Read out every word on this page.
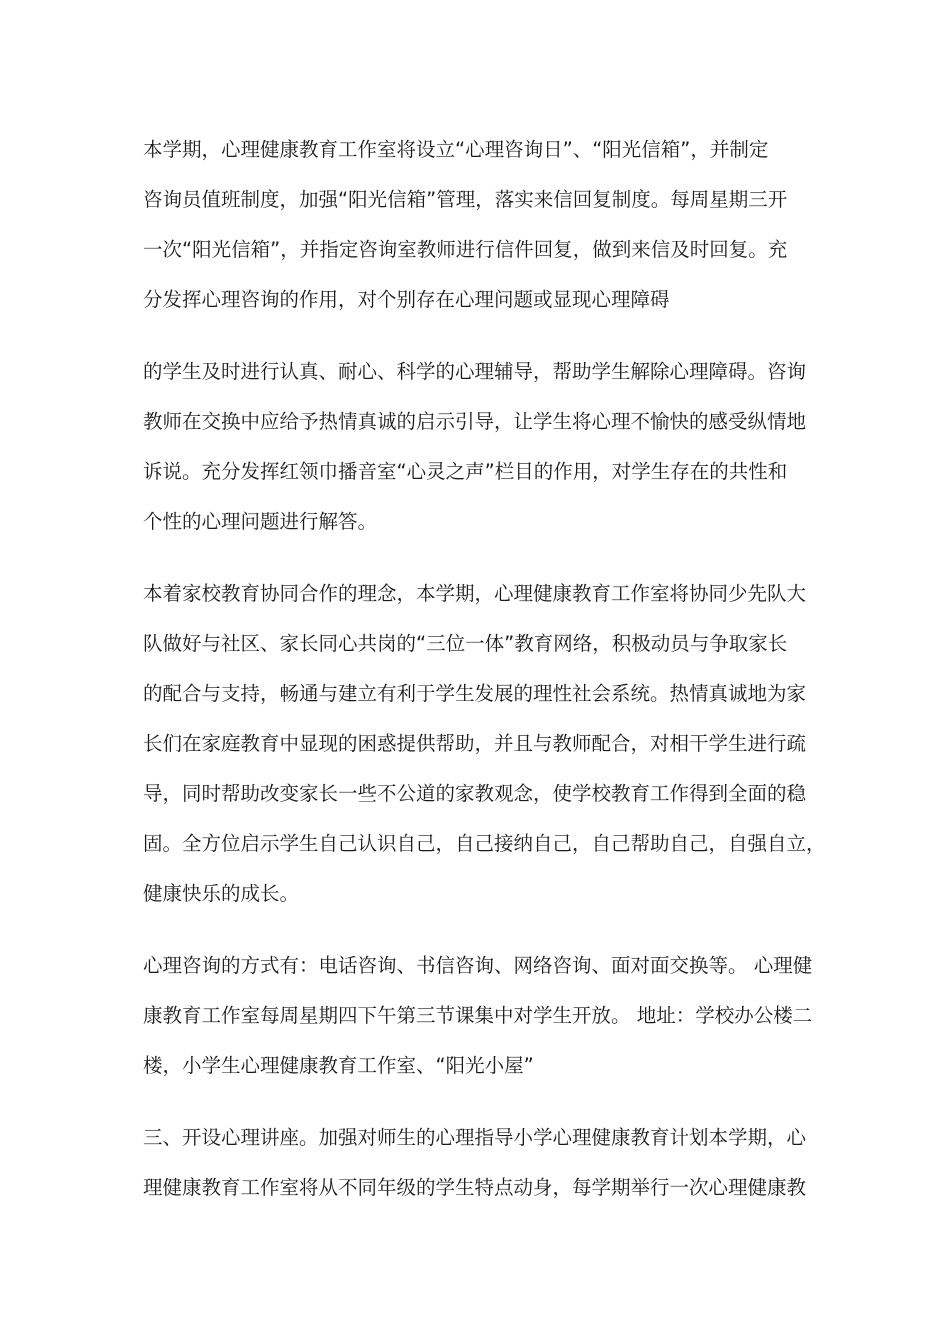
本学期，心理健康教育工作室将设立“心理咨询日”、“阳光信箱”，并制定
咨询员值班制度，加强“阳光信箱”管理，落实来信回复制度。每周星期三开
一次“阳光信箱”，并指定咨询室教师进行信件回复，做到来信及时回复。充
分发挥心理咨询的作用，对个别存在心理问题或显现心理障碍
的学生及时进行认真、耐心、科学的心理辅导，帮助学生解除心理障碍。咨询
教师在交换中应给予热情真诚的启示引导，让学生将心理不愉快的感受纵情地
诉说。充分发挥红领巾播音室“心灵之声”栏目的作用，对学生存在的共性和
个性的心理问题进行解答。
本着家校教育协同合作的理念，本学期，心理健康教育工作室将协同少先队大
队做好与社区、家长同心共岗的“三位一体”教育网络，积极动员与争取家长
的配合与支持，畅通与建立有利于学生发展的理性社会系统。热情真诚地为家
长们在家庭教育中显现的困惑提供帮助，并且与教师配合，对相干学生进行疏
导，同时帮助改变家长一些不公道的家教观念，使学校教育工作得到全面的稳
固。全方位启示学生自己认识自己，自己接纳自己，自己帮助自己，自强自立，
健康快乐的成长。
心理咨询的方式有：电话咨询、书信咨询、网络咨询、面对面交换等。 心理健
康教育工作室每周星期四下午第三节课集中对学生开放。 地址：学校办公楼二
楼，小学生心理健康教育工作室、“阳光小屋”
三、开设心理讲座。加强对师生的心理指导小学心理健康教育计划本学期，心
理健康教育工作室将从不同年级的学生特点动身，每学期举行一次心理健康教
